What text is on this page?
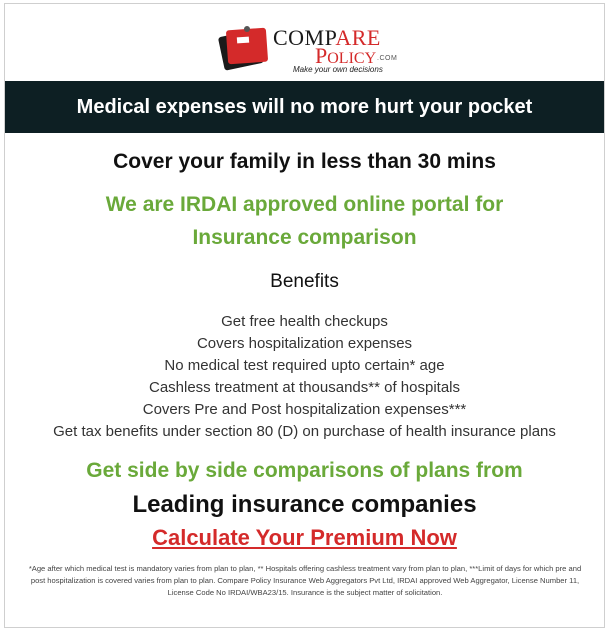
COMPARE
POLICY .COM
Make your own decisions
Medical expenses will no more hurt your pocket
Cover your family in less than 30 mins
We are IRDAI approved online portal for
Insurance comparison
Benefits
Get free health checkups
Covers hospitalization expenses
No medical test required upto certain* age
Cashless treatment at thousands** of hospitals
Covers Pre and Post hospitalization expenses***
Get tax benefits under section 80 (D) on purchase of health insurance plans
Get side by side comparisons of plans from
Leading insurance companies
Calculate Your Premium Now
*Age after which medical test is mandatory varies from plan to plan, ** Hospitals offering cashless treatment vary from plan to plan, ***Limit of days for which pre and post hospitalization is covered varies from plan to plan. Compare Policy Insurance Web Aggregators Pvt Ltd, IRDAI approved Web Aggregator, License Number 11, License Code No IRDAI/WBA23/15. Insurance is the subject matter of solicitation.
